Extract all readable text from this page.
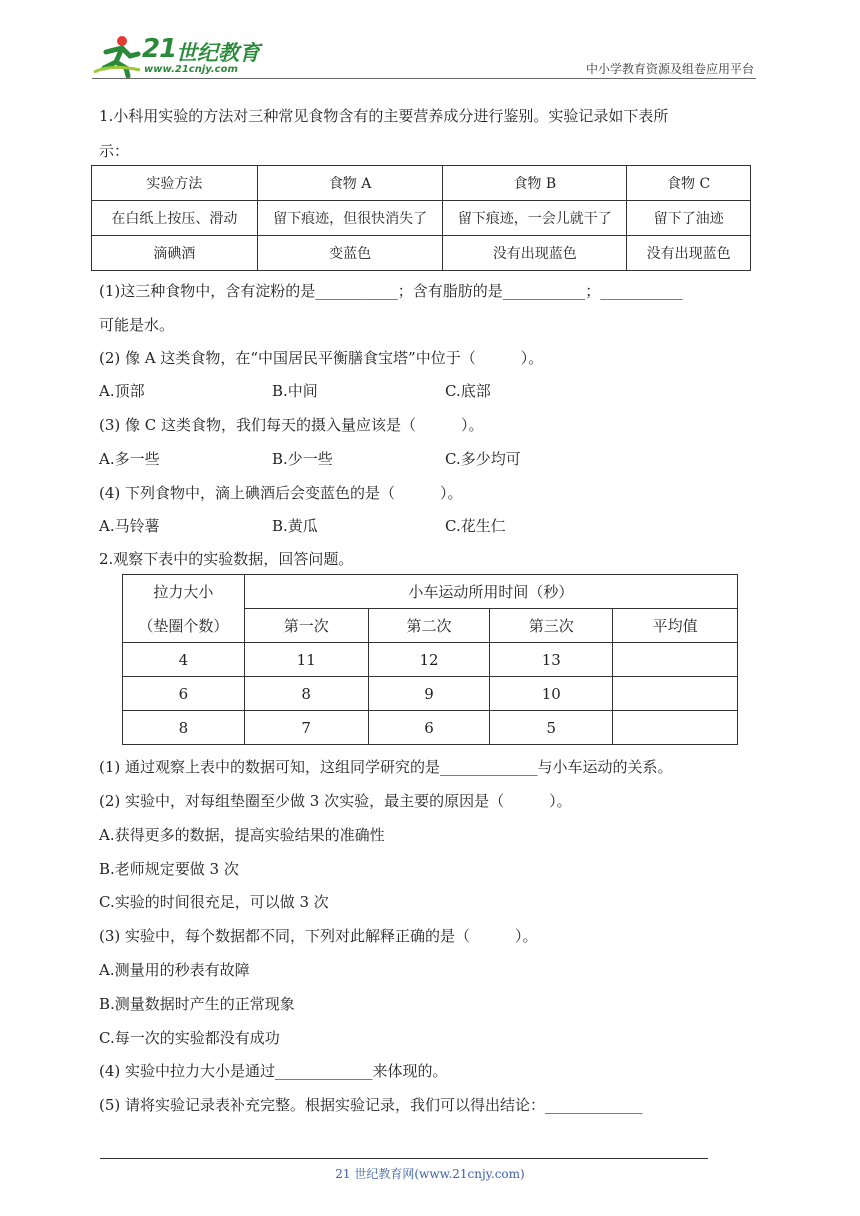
21 世纪教育
www.21cnjy.com	中小学教育资源及组卷应用平台
1.小科用实验的方法对三种常见食物含有的主要营养成分进行鉴别。实验记录如下表所
示：
实验方法	食物 A	食物 B	食物 C
在白纸上按压、滑动	留下痕迹，但很快消失了	留下痕迹，一会儿就干了	留下了油迹
滴碘酒	变蓝色	没有出现蓝色	没有出现蓝色
(1)这三种食物中，含有淀粉的是___________；含有脂肪的是___________；___________
可能是水。
(2) 像 A 这类食物，在“中国居民平衡膳食宝塔”中位于（　　　）。
A.顶部	B.中间	C.底部
(3) 像 C 这类食物，我们每天的摄入量应该是（　　　）。
A.多一些	B.少一些	C.多少均可
(4) 下列食物中，滴上碘酒后会变蓝色的是（　　　）。
A.马铃薯	B.黄瓜	C.花生仁
2.观察下表中的实验数据，回答问题。
拉力大小	小车运动所用时间（秒）			
（垫圈个数）	第一次	第二次	第三次	平均值
4	11	12	13	
6	8	9	10	
8	7	6	5	
(1) 通过观察上表中的数据可知，这组同学研究的是_____________与小车运动的关系。
(2) 实验中，对每组垫圈至少做 3 次实验，最主要的原因是（　　　）。
A.获得更多的数据，提高实验结果的准确性
B.老师规定要做 3 次
C.实验的时间很充足，可以做 3 次
(3) 实验中，每个数据都不同，下列对此解释正确的是（　　　）。
A.测量用的秒表有故障
B.测量数据时产生的正常现象
C.每一次的实验都没有成功
(4) 实验中拉力大小是通过_____________来体现的。
(5) 请将实验记录表补充完整。根据实验记录，我们可以得出结论：_____________
21 世纪教育网(www.21cnjy.com)
